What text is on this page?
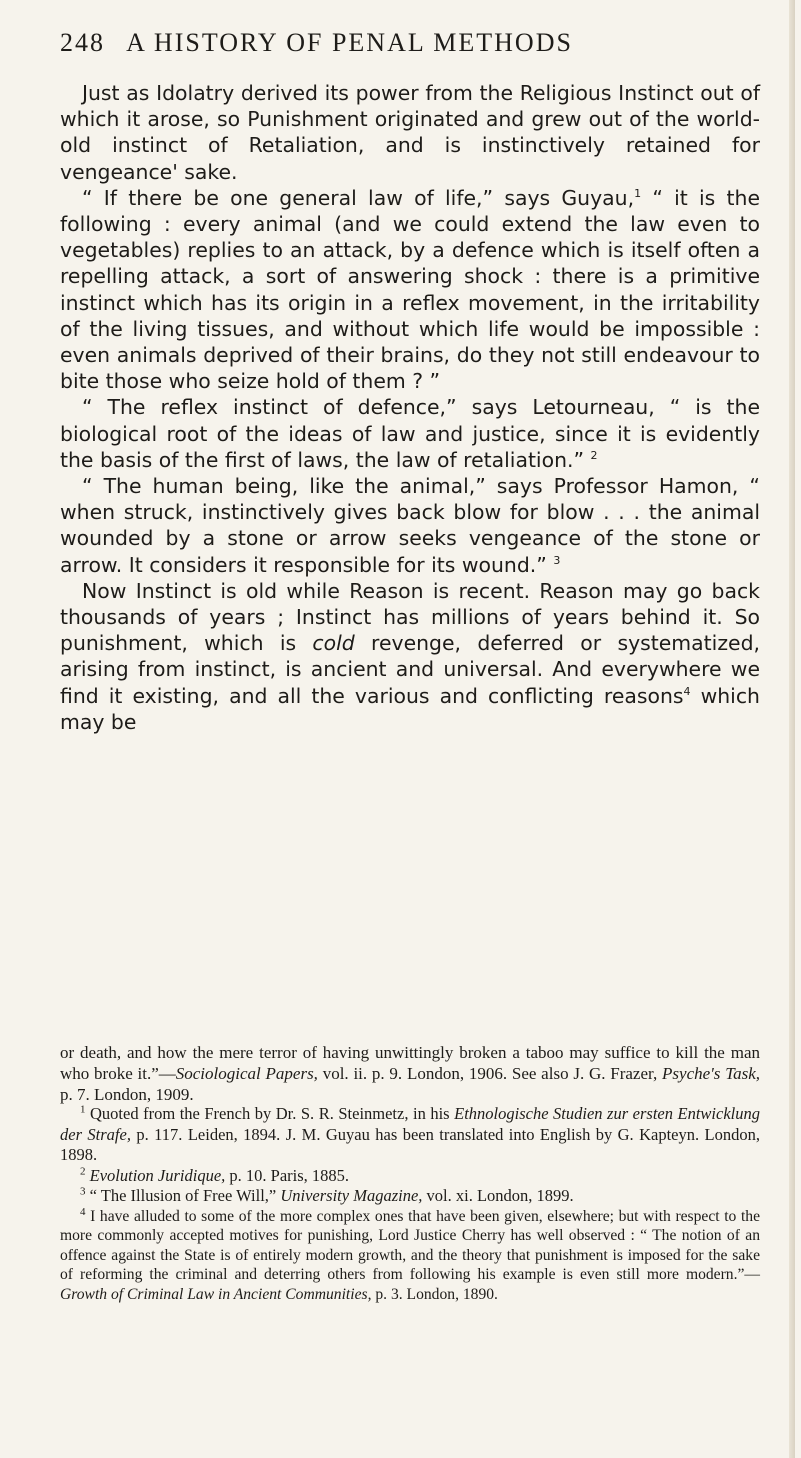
248 A HISTORY OF PENAL METHODS

Just as Idolatry derived its power from the Religious Instinct out of which it arose, so Punishment originated and grew out of the world-old instinct of Retaliation, and is instinctively retained for vengeance' sake.

“ If there be one general law of life,” says Guyau,$^1$ “ it is the following : every animal (and we could extend the law even to vegetables) replies to an attack, by a defence which is itself often a repelling attack, a sort of answering shock : there is a primitive instinct which has its origin in a reflex movement, in the irritability of the living tissues, and without which life would be impossible : even animals deprived of their brains, do they not still endeavour to bite those who seize hold of them ? ”

“ The reflex instinct of defence,” says Letourneau, “ is the biological root of the ideas of law and justice, since it is evidently the basis of the first of laws, the law of retaliation.” $^2$

“ The human being, like the animal,” says Professor Hamon, “ when struck, instinctively gives back blow for blow . . . the animal wounded by a stone or arrow seeks vengeance of the stone or arrow. It considers it responsible for its wound.” $^3$

Now Instinct is old while Reason is recent. Reason may go back thousands of years ; Instinct has millions of years behind it. So punishment, which is cold revenge, deferred or systematized, arising from instinct, is ancient and universal. And everywhere we find it existing, and all the various and conflicting reasons$^4$ which may be

or death, and how the mere terror of having unwittingly broken a taboo may suffice to kill the man who broke it.”—Sociological Papers, vol. ii. p. 9. London, 1906. See also J. G. Frazer, Psyche's Task, p. 7. London, 1909.

$^1$ Quoted from the French by Dr. S. R. Steinmetz, in his Ethnologische Studien zur ersten Entwicklung der Strafe, p. 117. Leiden, 1894. J. M. Guyau has been translated into English by G. Kapteyn. London, 1898.

$^2$ Evolution Juridique, p. 10. Paris, 1885.

$^3$ “ The Illusion of Free Will,” University Magazine, vol. xi. London, 1899.

$^4$ I have alluded to some of the more complex ones that have been given, elsewhere; but with respect to the more commonly accepted motives for punishing, Lord Justice Cherry has well observed : “ The notion of an offence against the State is of entirely modern growth, and the theory that punishment is imposed for the sake of reforming the criminal and deterring others from following his example is even still more modern.”—Growth of Criminal Law in Ancient Communities, p. 3. London, 1890.
